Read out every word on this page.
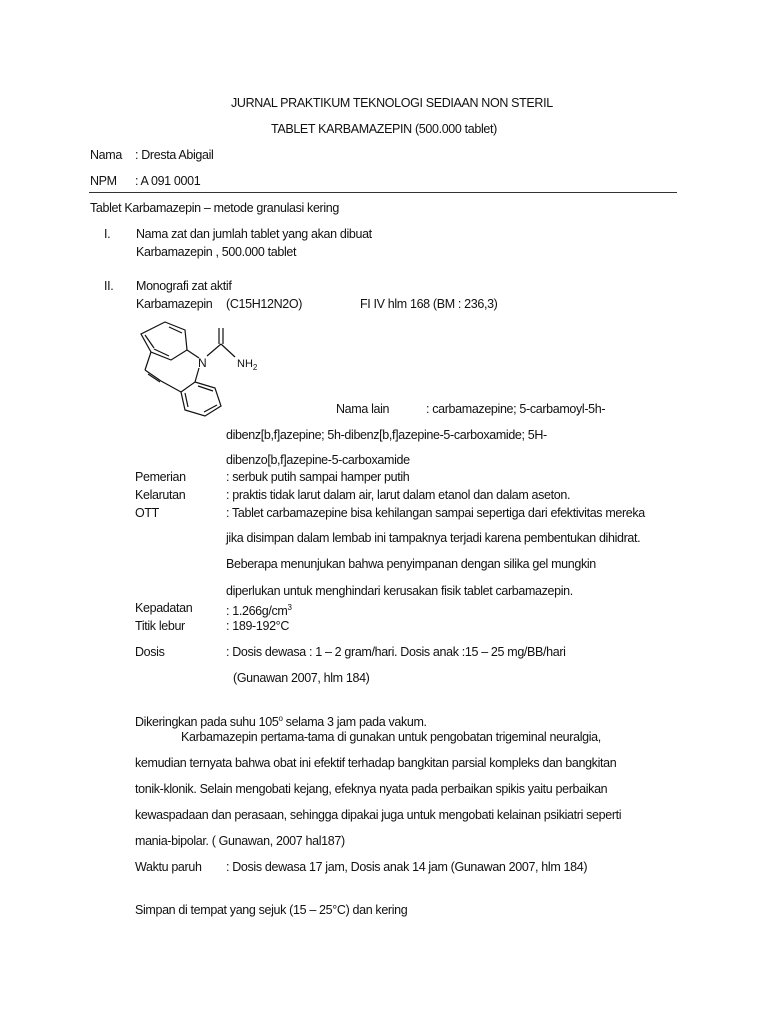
JURNAL PRAKTIKUM TEKNOLOGI SEDIAAN NON STERIL
TABLET KARBAMAZEPIN (500.000 tablet)
Nama : Dresta Abigail
NPM : A 091 0001
Tablet Karbamazepin – metode granulasi kering
I. Nama zat dan jumlah tablet yang akan dibuat
Karbamazepin , 500.000 tablet
II. Monografi zat aktif
Karbamazepin (C15H12N2O)	FI IV hlm 168 (BM : 236,3)
N	$NH_2$
Nama lain	: carbamazepine; 5-carbamoyl-5h-
dibenz[b,f]azepine; 5h-dibenz[b,f]azepine-5-carboxamide; 5H-
dibenzo[b,f]azepine-5-carboxamide
Pemerian	: serbuk putih sampai hamper putih
Kelarutan	: praktis tidak larut dalam air, larut dalam etanol dan dalam aseton.
OTT	: Tablet carbamazepine bisa kehilangan sampai sepertiga dari efektivitas mereka
jika disimpan dalam lembab ini tampaknya terjadi karena pembentukan dihidrat.
Beberapa menunjukan bahwa penyimpanan dengan silika gel mungkin
diperlukan untuk menghindari kerusakan fisik tablet carbamazepin.
Kepadatan	: $1.266g/cm^3$
Titik lebur	: 189-192°C
Dosis	: Dosis dewasa : 1 – 2 gram/hari. Dosis anak :15 – 25 mg/BB/hari
(Gunawan 2007, hlm 184)
Dikeringkan pada suhu 105$^o$ selama 3 jam pada vakum.
Karbamazepin pertama-tama di gunakan untuk pengobatan trigeminal neuralgia,
kemudian ternyata bahwa obat ini efektif terhadap bangkitan parsial kompleks dan bangkitan
tonik-klonik. Selain mengobati kejang, efeknya nyata pada perbaikan spikis yaitu perbaikan
kewaspadaan dan perasaan, sehingga dipakai juga untuk mengobati kelainan psikiatri seperti
mania-bipolar. ( Gunawan, 2007 hal187)
Waktu paruh : Dosis dewasa 17 jam, Dosis anak 14 jam (Gunawan 2007, hlm 184)
Simpan di tempat yang sejuk (15 – 25°C) dan kering
